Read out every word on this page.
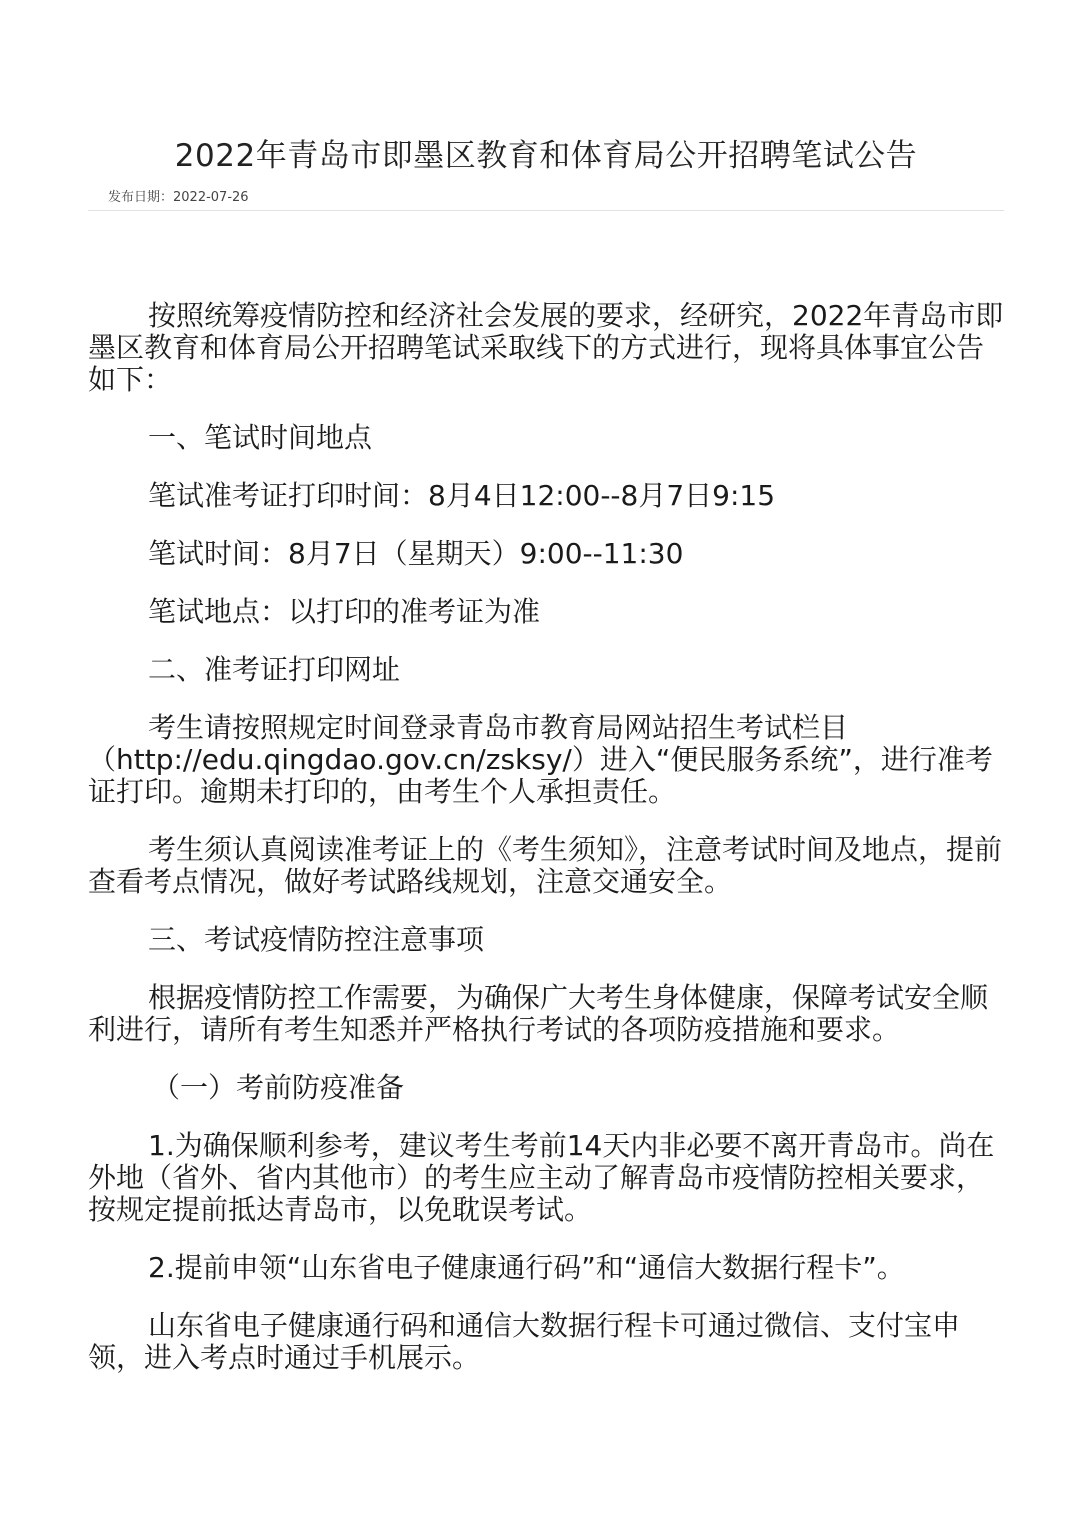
2022年青岛市即墨区教育和体育局公开招聘笔试公告
发布日期：2022-07-26

按照统筹疫情防控和经济社会发展的要求，经研究，2022年青岛市即墨区教育和体育局公开招聘笔试采取线下的方式进行，现将具体事宜公告如下：

一、笔试时间地点

笔试准考证打印时间：8月4日12:00--8月7日9:15

笔试时间：8月7日（星期天）9:00--11:30

笔试地点：以打印的准考证为准

二、准考证打印网址

考生请按照规定时间登录青岛市教育局网站招生考试栏目（http://edu.qingdao.gov.cn/zsksy/）进入“便民服务系统”，进行准考证打印。逾期未打印的，由考生个人承担责任。

考生须认真阅读准考证上的《考生须知》，注意考试时间及地点，提前查看考点情况，做好考试路线规划，注意交通安全。

三、考试疫情防控注意事项

根据疫情防控工作需要，为确保广大考生身体健康，保障考试安全顺利进行，请所有考生知悉并严格执行考试的各项防疫措施和要求。

（一）考前防疫准备

1.为确保顺利参考，建议考生考前14天内非必要不离开青岛市。尚在外地（省外、省内其他市）的考生应主动了解青岛市疫情防控相关要求，按规定提前抵达青岛市，以免耽误考试。

2.提前申领“山东省电子健康通行码”和“通信大数据行程卡”。

山东省电子健康通行码和通信大数据行程卡可通过微信、支付宝申领，进入考点时通过手机展示。
